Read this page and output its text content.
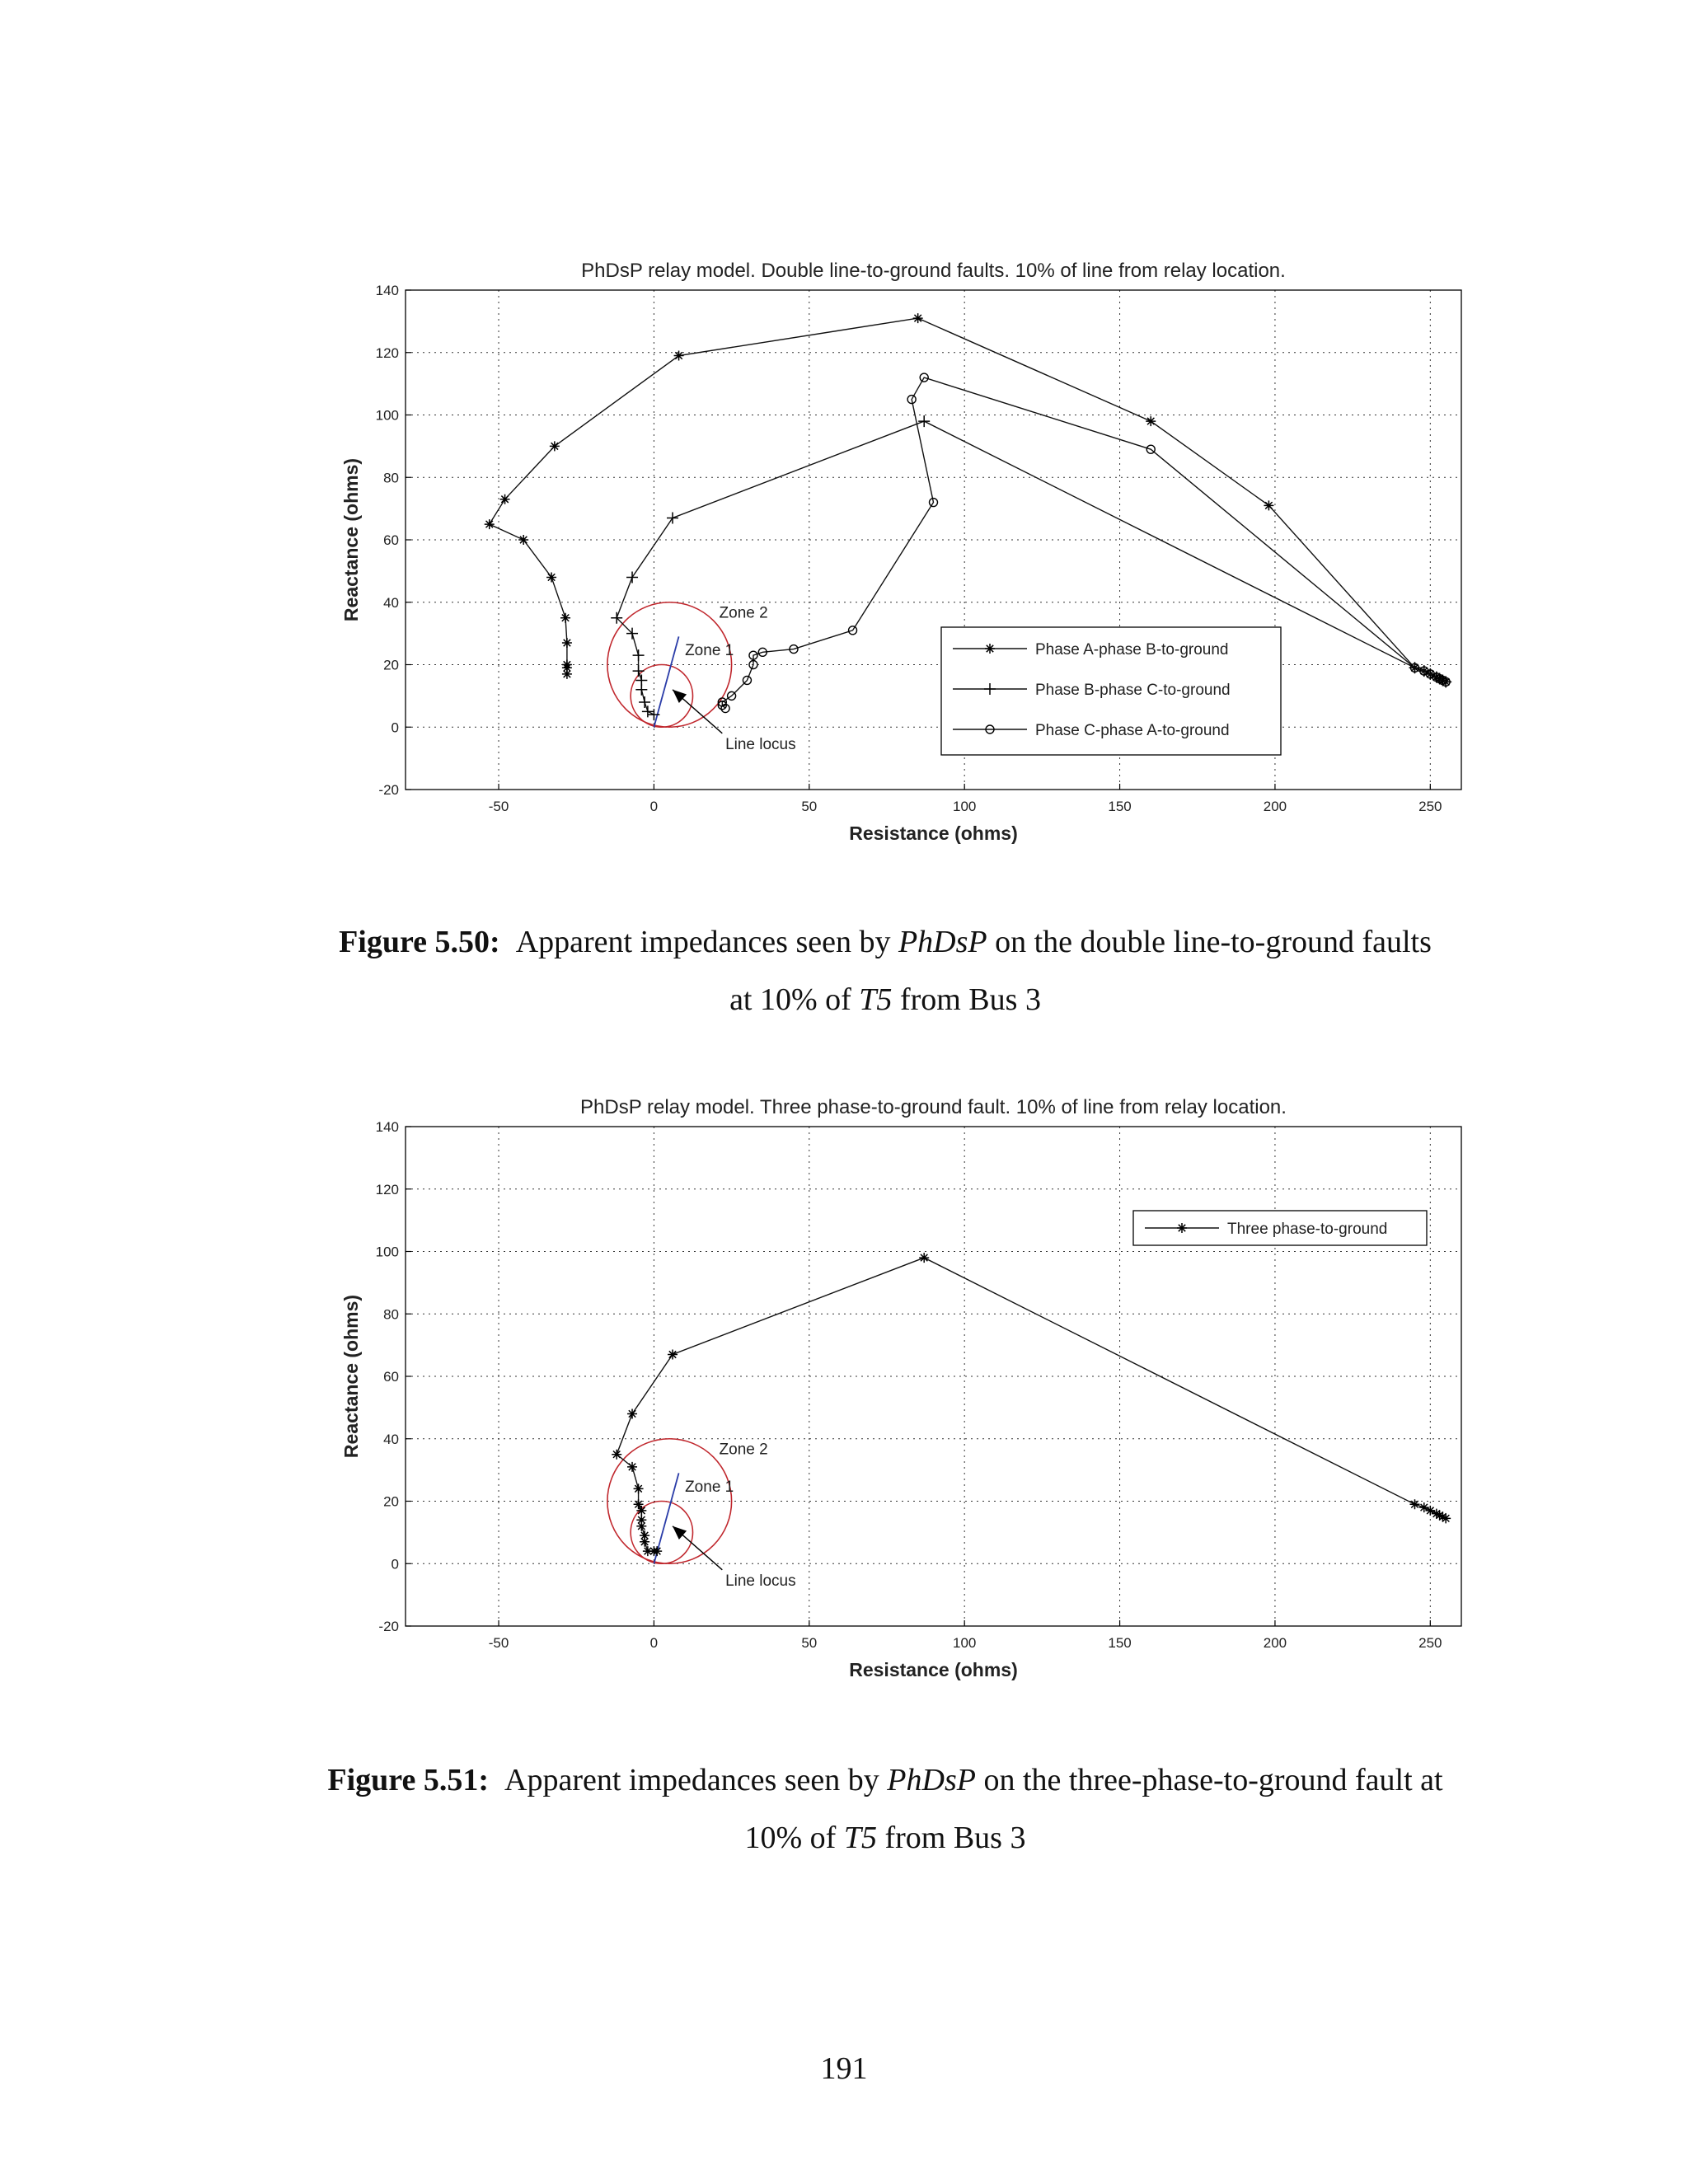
PhDsP relay model. Double line-to-ground faults. 10% of line from relay location.
-50	0	50	100	150	200	250
-20
0
20
40
60
80
100
120
140
Resistance (ohms)
Reactance (ohms)	Zone 2
Zone 1
Line locus
Phase A-phase B-to-ground
Phase B-phase C-to-ground
Phase C-phase A-to-ground
Figure 5.50: Apparent impedances seen by PhDsP on the double line-to-ground faults
at 10% of T5 from Bus 3
PhDsP relay model. Three phase-to-ground fault. 10% of line from relay location.
-50	0	50	100	150	200	250
-20
0
20
40
60
80
100
120
140
Resistance (ohms)
Reactance (ohms)	Zone 2
Zone 1
Line locus
Three phase-to-ground
Figure 5.51: Apparent impedances seen by PhDsP on the three-phase-to-ground fault at
10% of T5 from Bus 3
191
